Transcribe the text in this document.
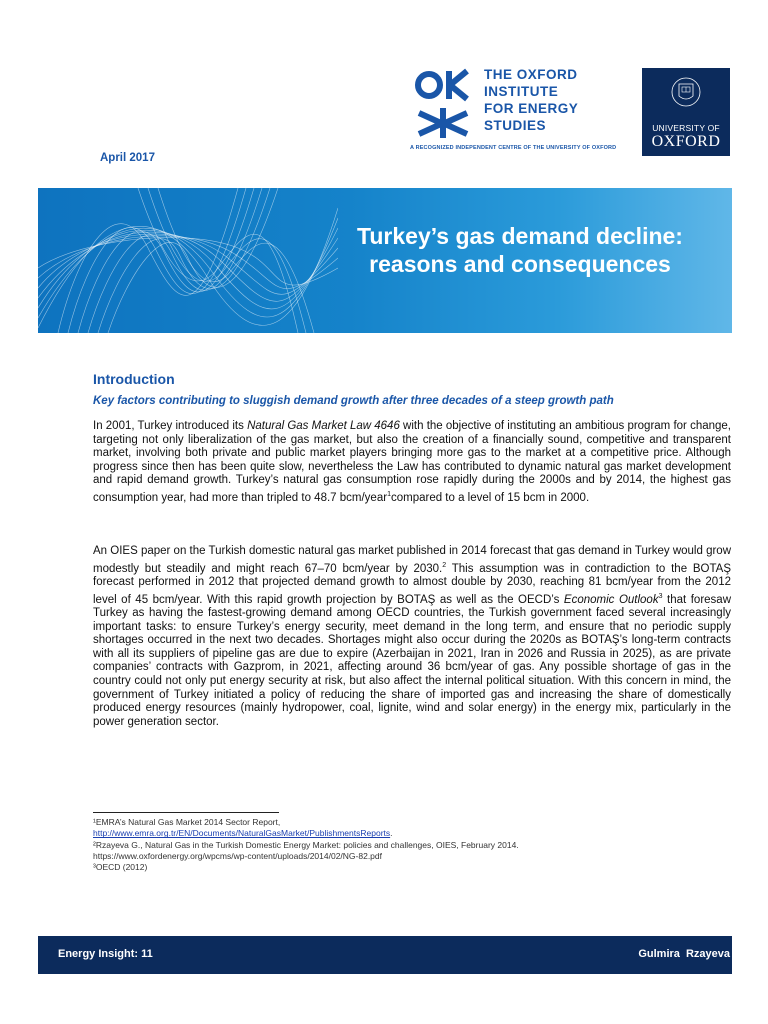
THE OXFORD
INSTITUTE
FOR ENERGY
STUDIES
A RECOGNIZED INDEPENDENT CENTRE OF THE UNIVERSITY OF OXFORD
UNIVERSITY OF
OXFORD
April 2017
Turkey’s gas demand decline:
reasons and consequences
Introduction
Key factors contributing to sluggish demand growth after three decades of a steep growth path

In 2001, Turkey introduced its Natural Gas Market Law 4646 with the objective of instituting an ambitious program for change, targeting not only liberalization of the gas market, but also the creation of a financially sound, competitive and transparent market, involving both private and public market players bringing more gas to the market at a competitive price. Although progress since then has been quite slow, nevertheless the Law has contributed to dynamic natural gas market development and rapid demand growth. Turkey’s natural gas consumption rose rapidly during the 2000s and by 2014, the highest gas consumption year, had more than tripled to 48.7 bcm/year$^1$compared to a level of 15 bcm in 2000.

An OIES paper on the Turkish domestic natural gas market published in 2014 forecast that gas demand in Turkey would grow modestly but steadily and might reach 67–70 bcm/year by 2030.$^2$ This assumption was in contradiction to the BOTAŞ forecast performed in 2012 that projected demand growth to almost double by 2030, reaching 81 bcm/year from the 2012 level of 45 bcm/year. With this rapid growth projection by BOTAŞ as well as the OECD’s Economic Outlook$^3$ that foresaw Turkey as having the fastest-growing demand among OECD countries, the Turkish government faced several increasingly important tasks: to ensure Turkey’s energy security, meet demand in the long term, and ensure that no periodic supply shortages occurred in the next two decades. Shortages might also occur during the 2020s as BOTAŞ’s long-term contracts with all its suppliers of pipeline gas are due to expire (Azerbaijan in 2021, Iran in 2026 and Russia in 2025), as are private companies’ contracts with Gazprom, in 2021, affecting around 36 bcm/year of gas. Any possible shortage of gas in the country could not only put energy security at risk, but also affect the internal political situation. With this concern in mind, the government of Turkey initiated a policy of reducing the share of imported gas and increasing the share of domestically produced energy resources (mainly hydropower, coal, lignite, wind and solar energy) in the energy mix, particularly in the power generation sector.

¹EMRA’s Natural Gas Market 2014 Sector Report,
http://www.emra.org.tr/EN/Documents/NaturalGasMarket/PublishmentsReports.
²Rzayeva G., Natural Gas in the Turkish Domestic Energy Market: policies and challenges, OIES, February 2014.
https://www.oxfordenergy.org/wpcms/wp-content/uploads/2014/02/NG-82.pdf
³OECD (2012)
Energy Insight: 11	Gulmira Rzayeva
